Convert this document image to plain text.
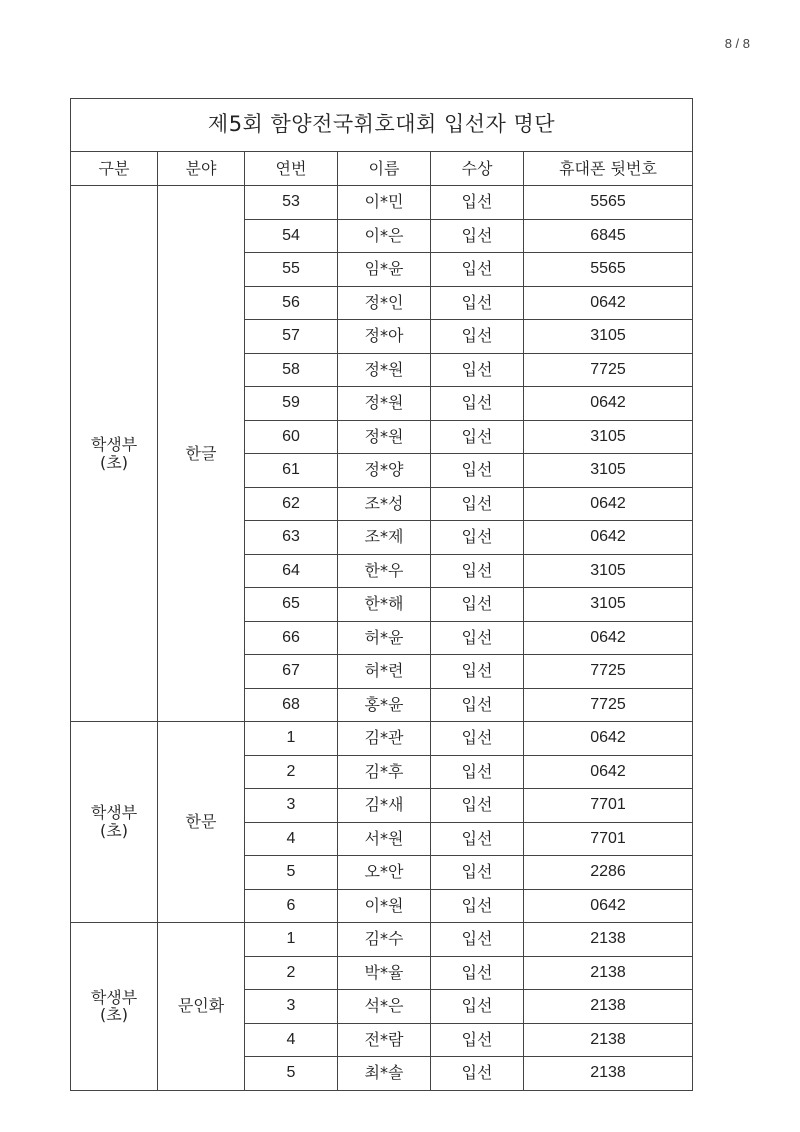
8 / 8
제5회 함양전국휘호대회 입선자 명단					
구분	분야	연번	이름	수상	휴대폰 뒷번호

학생부
(초)	한글	53	이*민	입선	5565
		54	이*은	입선	6845
		55	임*윤	입선	5565
		56	정*인	입선	0642
		57	정*아	입선	3105
		58	정*원	입선	7725
		59	정*원	입선	0642
		60	정*원	입선	3105
		61	정*양	입선	3105
		62	조*성	입선	0642
		63	조*제	입선	0642
		64	한*우	입선	3105
		65	한*해	입선	3105
		66	허*윤	입선	0642
		67	허*련	입선	7725
		68	홍*윤	입선	7725

학생부
(초)	한문	1	김*관	입선	0642
		2	김*후	입선	0642
		3	김*새	입선	7701
		4	서*원	입선	7701
		5	오*안	입선	2286
		6	이*원	입선	0642

학생부
(초)	문인화	1	김*수	입선	2138
		2	박*율	입선	2138
		3	석*은	입선	2138
		4	전*람	입선	2138
		5	최*솔	입선	2138
